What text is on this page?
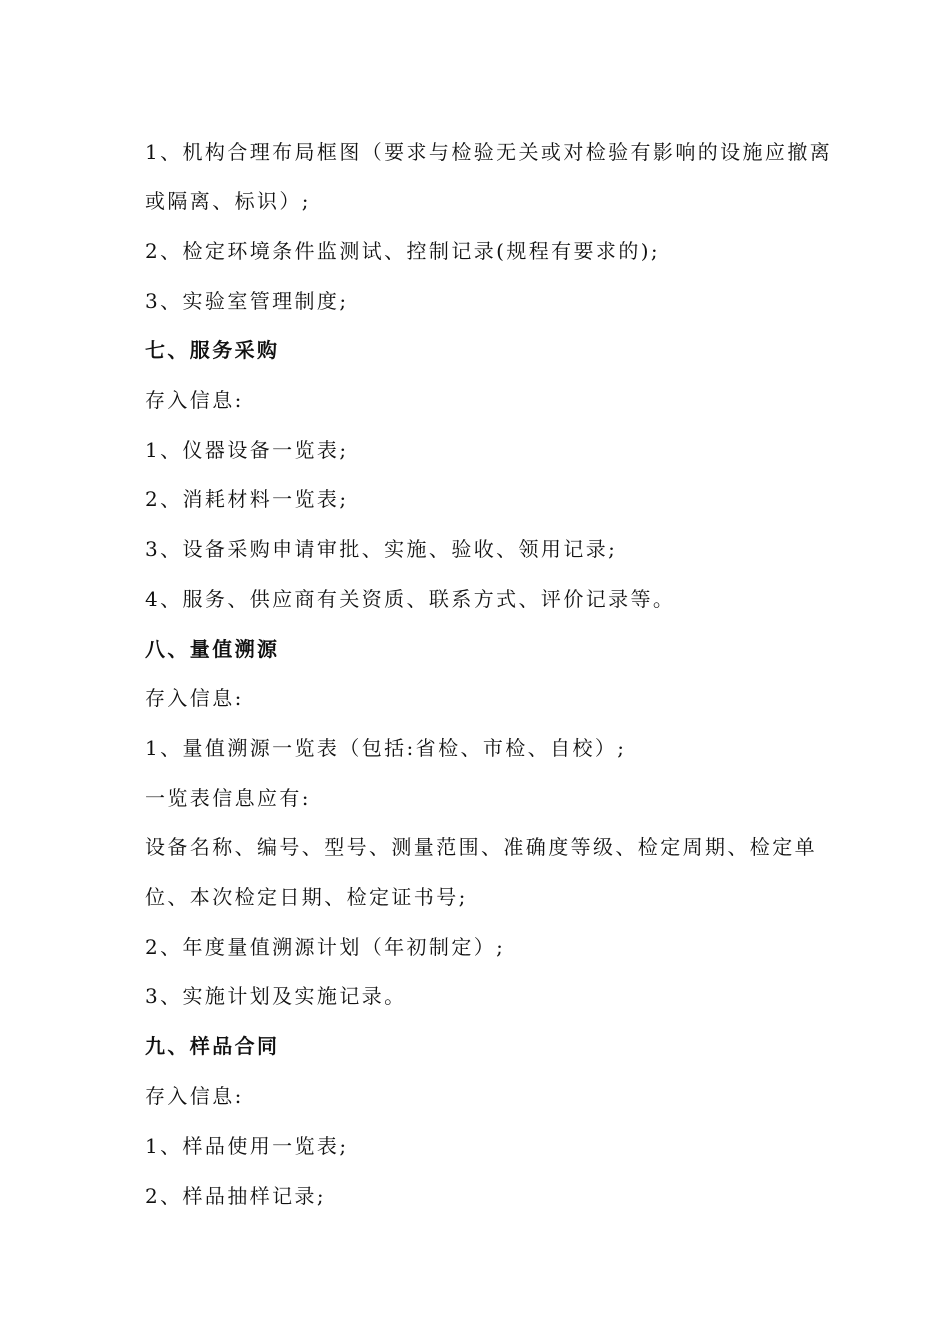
1、机构合理布局框图（要求与检验无关或对检验有影响的设施应撤离
或隔离、标识）;
2、检定环境条件监测试、控制记录(规程有要求的);
3、实验室管理制度;
七、服务采购
存入信息:
1、仪器设备一览表;
2、消耗材料一览表;
3、设备采购申请审批、实施、验收、领用记录;
4、服务、供应商有关资质、联系方式、评价记录等。
八、量值溯源
存入信息:
1、量值溯源一览表（包括:省检、市检、自校）;
一览表信息应有:
设备名称、编号、型号、测量范围、准确度等级、检定周期、检定单
位、本次检定日期、检定证书号;
2、年度量值溯源计划（年初制定）;
3、实施计划及实施记录。
九、样品合同
存入信息:
1、样品使用一览表;
2、样品抽样记录;
